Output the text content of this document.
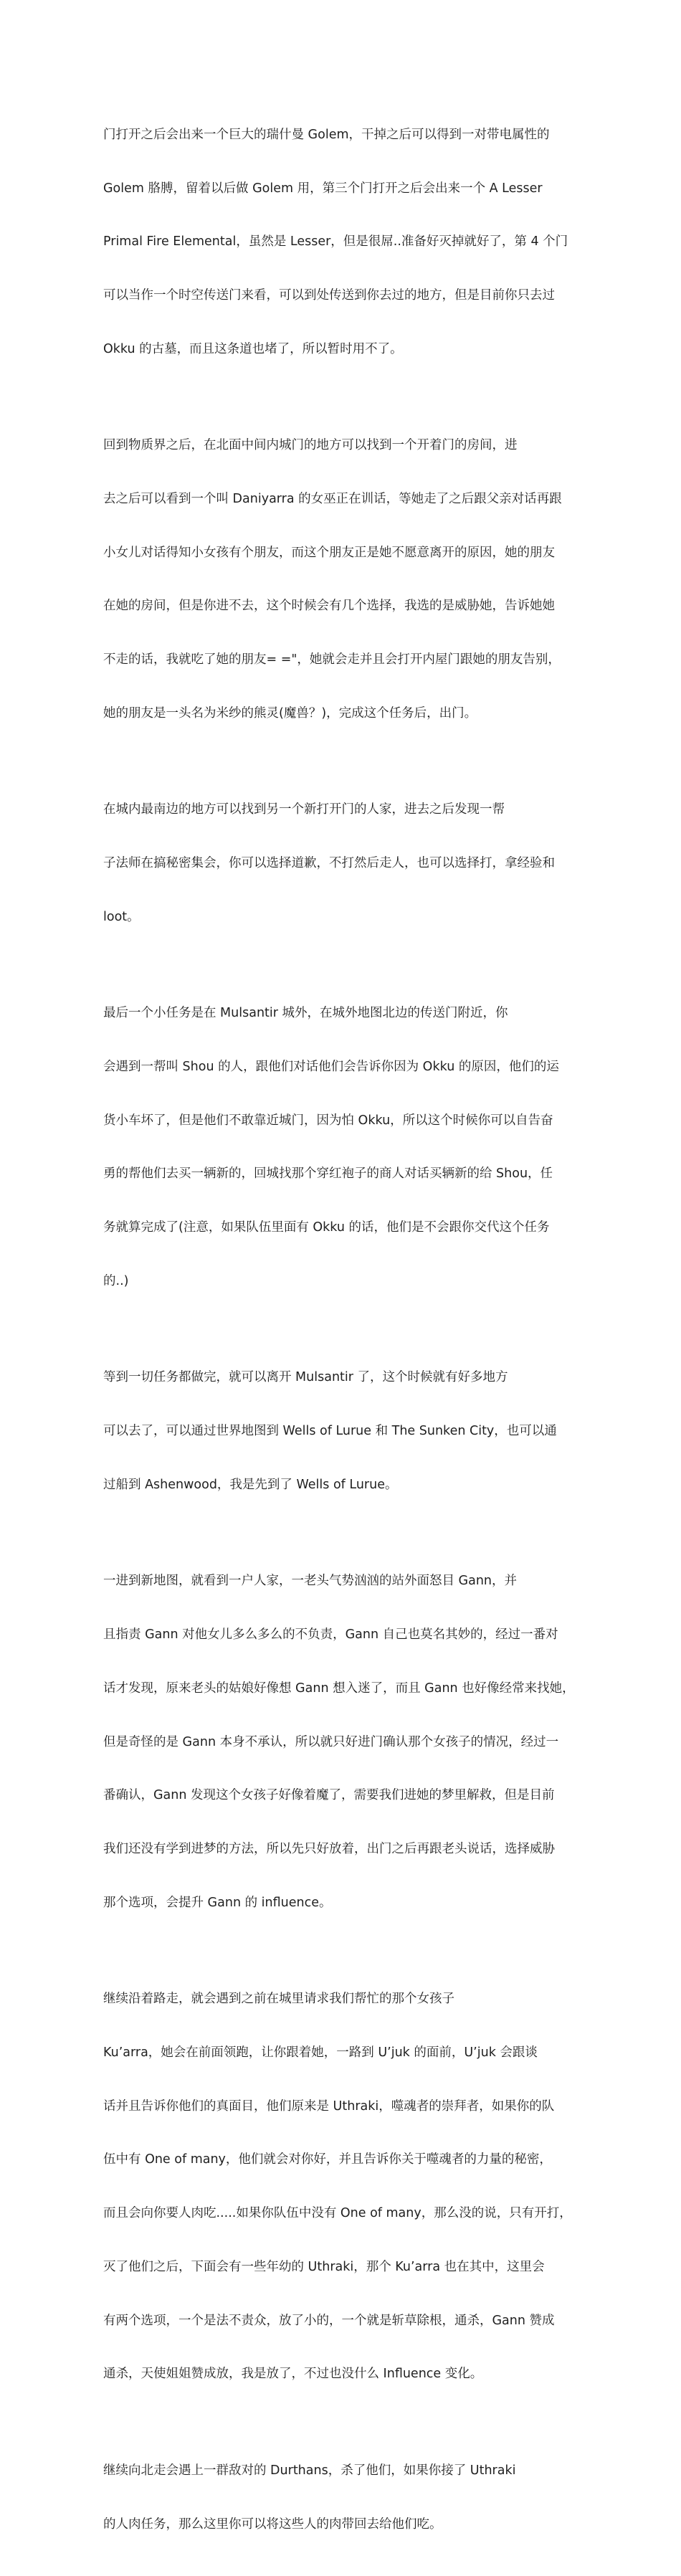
门打开之后会出来一个巨大的瑞什曼 Golem，干掉之后可以得到一对带电属性的

Golem 胳膊，留着以后做 Golem 用，第三个门打开之后会出来一个 A Lesser

Primal Fire Elemental，虽然是 Lesser，但是很屌..准备好灭掉就好了，第 4 个门

可以当作一个时空传送门来看，可以到处传送到你去过的地方，但是目前你只去过

Okku 的古墓，而且这条道也堵了，所以暂时用不了。

回到物质界之后，在北面中间内城门的地方可以找到一个开着门的房间，进

去之后可以看到一个叫 Daniyarra 的女巫正在训话，等她走了之后跟父亲对话再跟

小女儿对话得知小女孩有个朋友，而这个朋友正是她不愿意离开的原因，她的朋友

在她的房间，但是你进不去，这个时候会有几个选择，我选的是威胁她，告诉她她

不走的话，我就吃了她的朋友= ="，她就会走并且会打开内屋门跟她的朋友告别，

她的朋友是一头名为米纱的熊灵(魔兽？)，完成这个任务后，出门。

在城内最南边的地方可以找到另一个新打开门的人家，进去之后发现一帮

子法师在搞秘密集会，你可以选择道歉，不打然后走人，也可以选择打，拿经验和

loot。

最后一个小任务是在 Mulsantir 城外，在城外地图北边的传送门附近，你

会遇到一帮叫 Shou 的人，跟他们对话他们会告诉你因为 Okku 的原因，他们的运

货小车坏了，但是他们不敢靠近城门，因为怕 Okku，所以这个时候你可以自告奋

勇的帮他们去买一辆新的，回城找那个穿红袍子的商人对话买辆新的给 Shou，任

务就算完成了(注意，如果队伍里面有 Okku 的话，他们是不会跟你交代这个任务

的..)

等到一切任务都做完，就可以离开 Mulsantir 了，这个时候就有好多地方

可以去了，可以通过世界地图到 Wells of Lurue 和 The Sunken City，也可以通

过船到 Ashenwood，我是先到了 Wells of Lurue。

一进到新地图，就看到一户人家，一老头气势汹汹的站外面怒目 Gann，并

且指责 Gann 对他女儿多么多么的不负责，Gann 自己也莫名其妙的，经过一番对

话才发现，原来老头的姑娘好像想 Gann 想入迷了，而且 Gann 也好像经常来找她，

但是奇怪的是 Gann 本身不承认，所以就只好进门确认那个女孩子的情况，经过一

番确认，Gann 发现这个女孩子好像着魔了，需要我们进她的梦里解救，但是目前

我们还没有学到进梦的方法，所以先只好放着，出门之后再跟老头说话，选择威胁

那个选项，会提升 Gann 的 influence。

继续沿着路走，就会遇到之前在城里请求我们帮忙的那个女孩子

Ku’arra，她会在前面领跑，让你跟着她，一路到 U’juk 的面前，U’juk 会跟谈

话并且告诉你他们的真面目，他们原来是 Uthraki，噬魂者的崇拜者，如果你的队

伍中有 One of many，他们就会对你好，并且告诉你关于噬魂者的力量的秘密，

而且会向你要人肉吃.....如果你队伍中没有 One of many，那么没的说，只有开打，

灭了他们之后，下面会有一些年幼的 Uthraki，那个 Ku’arra 也在其中，这里会

有两个选项，一个是法不责众，放了小的，一个就是斩草除根，通杀，Gann 赞成

通杀，天使姐姐赞成放，我是放了，不过也没什么 Influence 变化。

继续向北走会遇上一群敌对的 Durthans，杀了他们，如果你接了 Uthraki

的人肉任务，那么这里你可以将这些人的肉带回去给他们吃。
